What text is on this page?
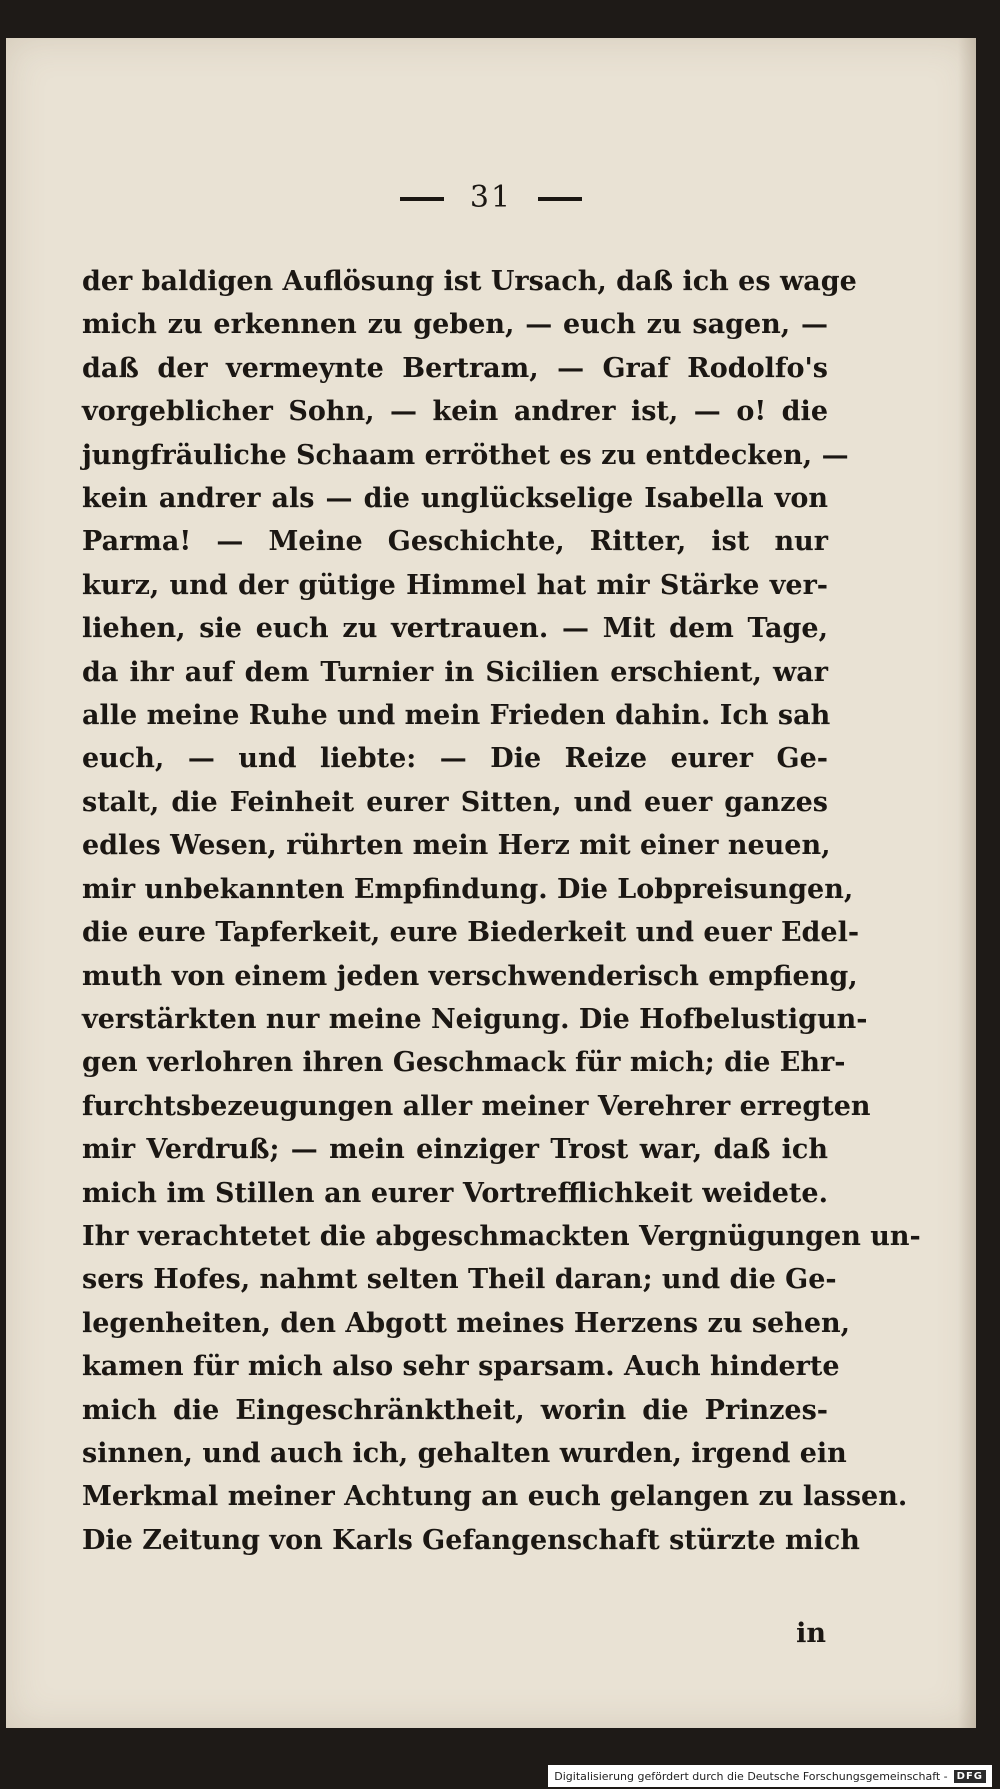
31
der baldigen Auflösung ist Ursach, daß ich es wage
mich zu erkennen zu geben, — euch zu sagen, —
daß der vermeynte Bertram, — Graf Rodolfo's
vorgeblicher Sohn, — kein andrer ist, — o! die
jungfräuliche Schaam erröthet es zu entdecken, —
kein andrer als — die unglückselige Isabella von
Parma! — Meine Geschichte, Ritter, ist nur
kurz, und der gütige Himmel hat mir Stärke ver-
liehen, sie euch zu vertrauen. — Mit dem Tage,
da ihr auf dem Turnier in Sicilien erschient, war
alle meine Ruhe und mein Frieden dahin. Ich sah
euch, — und liebte: — Die Reize eurer Ge-
stalt, die Feinheit eurer Sitten, und euer ganzes
edles Wesen, rührten mein Herz mit einer neuen,
mir unbekannten Empfindung. Die Lobpreisungen,
die eure Tapferkeit, eure Biederkeit und euer Edel-
muth von einem jeden verschwenderisch empfieng,
verstärkten nur meine Neigung. Die Hofbelustigun-
gen verlohren ihren Geschmack für mich; die Ehr-
furchtsbezeugungen aller meiner Verehrer erregten
mir Verdruß; — mein einziger Trost war, daß ich
mich im Stillen an eurer Vortrefflichkeit weidete.
Ihr verachtetet die abgeschmackten Vergnügungen un-
sers Hofes, nahmt selten Theil daran; und die Ge-
legenheiten, den Abgott meines Herzens zu sehen,
kamen für mich also sehr sparsam. Auch hinderte
mich die Eingeschränktheit, worin die Prinzes-
sinnen, und auch ich, gehalten wurden, irgend ein
Merkmal meiner Achtung an euch gelangen zu lassen.
Die Zeitung von Karls Gefangenschaft stürzte mich
in
Digitalisierung gefördert durch die Deutsche Forschungsgemeinschaft - DFG
